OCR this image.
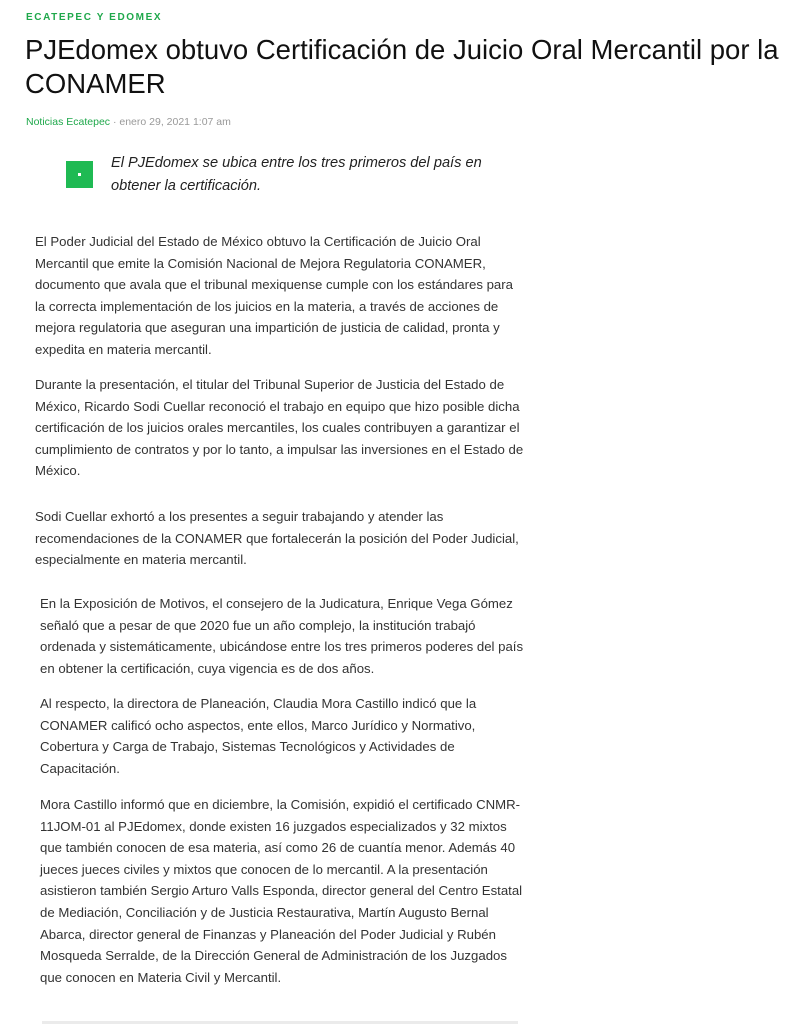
ECATEPEC Y EDOMEX
PJEdomex obtuvo Certificación de Juicio Oral Mercantil por la CONAMER
Noticias Ecatepec · enero 29, 2021 1:07 am

El PJEdomex se ubica entre los tres primeros del país en obtener la certificación.

El Poder Judicial del Estado de México obtuvo la Certificación de Juicio Oral Mercantil que emite la Comisión Nacional de Mejora Regulatoria CONAMER, documento que avala que el tribunal mexiquense cumple con los estándares para la correcta implementación de los juicios en la materia, a través de acciones de mejora regulatoria que aseguran una impartición de justicia de calidad, pronta y expedita en materia mercantil.

Durante la presentación, el titular del Tribunal Superior de Justicia del Estado de México, Ricardo Sodi Cuellar reconoció el trabajo en equipo que hizo posible dicha certificación de los juicios orales mercantiles, los cuales contribuyen a garantizar el cumplimiento de contratos y por lo tanto, a impulsar las inversiones en el Estado de México.

Sodi Cuellar exhortó a los presentes a seguir trabajando y atender las recomendaciones de la CONAMER que fortalecerán la posición del Poder Judicial, especialmente en materia mercantil.

En la Exposición de Motivos, el consejero de la Judicatura, Enrique Vega Gómez señaló que a pesar de que 2020 fue un año complejo, la institución trabajó ordenada y sistemáticamente, ubicándose entre los tres primeros poderes del país en obtener la certificación, cuya vigencia es de dos años.

Al respecto, la directora de Planeación, Claudia Mora Castillo indicó que la CONAMER calificó ocho aspectos, ente ellos, Marco Jurídico y Normativo, Cobertura y Carga de Trabajo, Sistemas Tecnológicos y Actividades de Capacitación.

Mora Castillo informó que en diciembre, la Comisión, expidió el certificado CNMR-11JOM-01 al PJEdomex, donde existen 16 juzgados especializados y 32 mixtos que también conocen de esa materia, así como 26 de cuantía menor. Además 40 jueces jueces civiles y mixtos que conocen de lo mercantil. A la presentación asistieron también Sergio Arturo Valls Esponda, director general del Centro Estatal de Mediación, Conciliación y de Justicia Restaurativa, Martín Augusto Bernal Abarca, director general de Finanzas y Planeación del Poder Judicial y Rubén Mosqueda Serralde, de la Dirección General de Administración de los Juzgados que conocen en Materia Civil y Mercantil.
